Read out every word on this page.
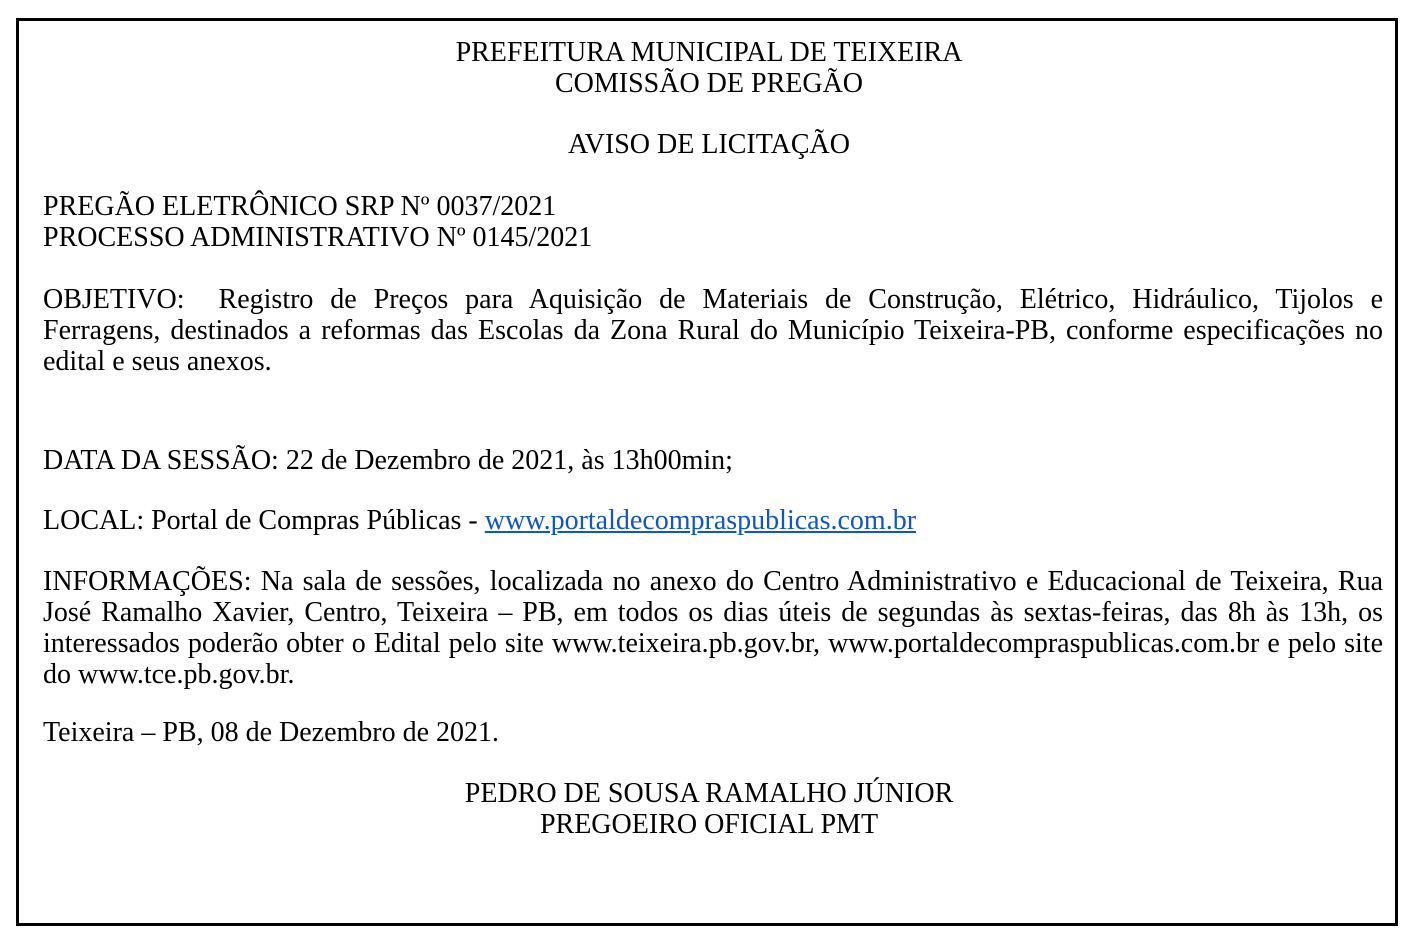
PREFEITURA MUNICIPAL DE TEIXEIRA
COMISSÃO DE PREGÃO
AVISO DE LICITAÇÃO
PREGÃO ELETRÔNICO SRP Nº 0037/2021
PROCESSO ADMINISTRATIVO Nº 0145/2021
OBJETIVO: Registro de Preços para Aquisição de Materiais de Construção, Elétrico, Hidráulico, Tijolos e Ferragens, destinados a reformas das Escolas da Zona Rural do Município Teixeira-PB, conforme especificações no edital e seus anexos.
DATA DA SESSÃO: 22 de Dezembro de 2021, às 13h00min;
LOCAL: Portal de Compras Públicas - www.portaldecompraspublicas.com.br
INFORMAÇÕES: Na sala de sessões, localizada no anexo do Centro Administrativo e Educacional de Teixeira, Rua José Ramalho Xavier, Centro, Teixeira – PB, em todos os dias úteis de segundas às sextas-feiras, das 8h às 13h, os interessados poderão obter o Edital pelo site www.teixeira.pb.gov.br, www.portaldecompraspublicas.com.br e pelo site do www.tce.pb.gov.br.
Teixeira – PB, 08 de Dezembro de 2021.
PEDRO DE SOUSA RAMALHO JÚNIOR
PREGOEIRO OFICIAL PMT
